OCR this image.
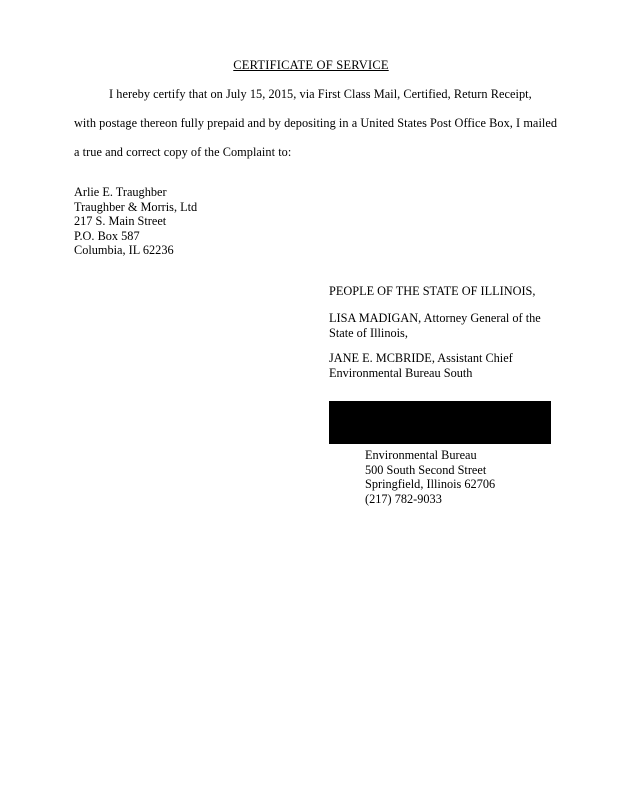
CERTIFICATE OF SERVICE
I hereby certify that on July 15, 2015, via First Class Mail, Certified, Return Receipt,
with postage thereon fully prepaid and by depositing in a United States Post Office Box, I mailed
a true and correct copy of the Complaint to:
Arlie E. Traughber
Traughber & Morris, Ltd
217 S. Main Street
P.O. Box 587
Columbia, IL 62236
PEOPLE OF THE STATE OF ILLINOIS,
LISA MADIGAN, Attorney General of the
State of Illinois,
JANE E. MCBRIDE, Assistant Chief
Environmental Bureau South
Environmental Bureau
500 South Second Street
Springfield, Illinois 62706
(217) 782-9033
